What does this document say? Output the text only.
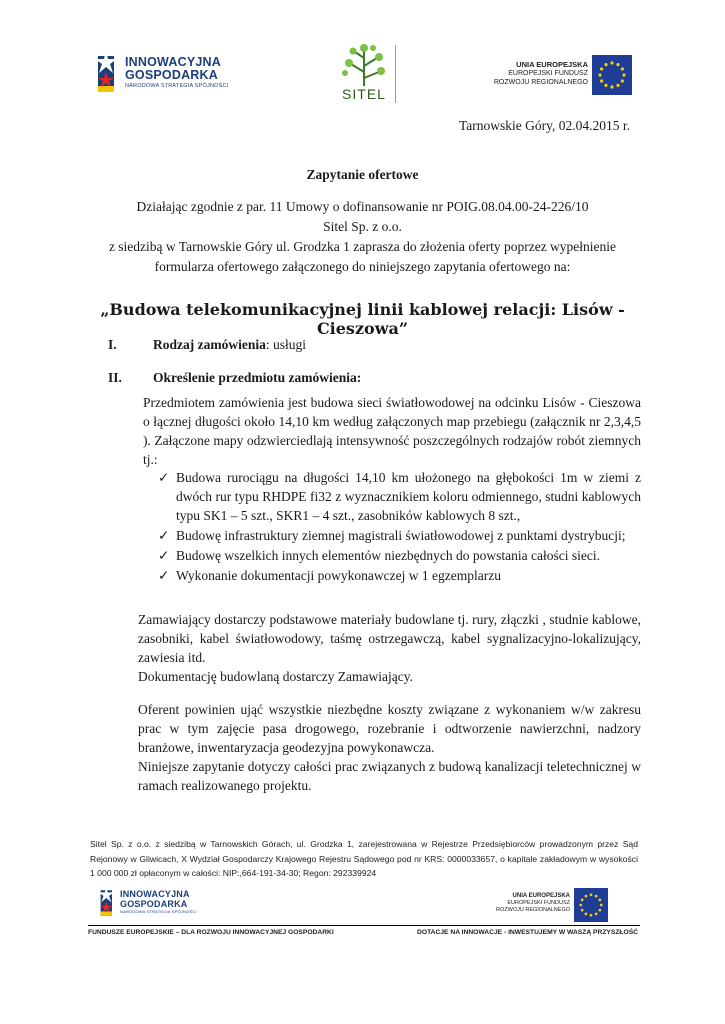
INNOWACYJNA
GOSPODARKA
NARODOWA STRATEGIA SPÓJNOŚCI	SITEL
UNIA EUROPEJSKA
EUROPEJSKI FUNDUSZ
ROZWOJU REGIONALNEGO
Tarnowskie Góry, 02.04.2015 r.
Zapytanie ofertowe
Działając zgodnie z par. 11 Umowy o dofinansowanie nr POIG.08.04.00-24-226/10
Sitel Sp. z o.o.
z siedzibą w Tarnowskie Góry ul. Grodzka 1 zaprasza do złożenia oferty poprzez wypełnienie
formularza ofertowego załączonego do niniejszego zapytania ofertowego na:
„Budowa telekomunikacyjnej linii kablowej relacji: Lisów - Cieszowa”
I.	Rodzaj zamówienia: usługi
II. Określenie przedmiotu zamówienia:

Przedmiotem zamówienia jest budowa sieci światłowodowej na odcinku Lisów - Cieszowa o łącznej długości około 14,10 km według załączonych map przebiegu (załącznik nr 2,3,4,5 ). Załączone mapy odzwierciedlają intensywność poszczególnych rodzajów robót ziemnych tj.:

✓ Budowa rurociągu na długości 14,10 km ułożonego na głębokości 1m w ziemi z dwóch rur typu RHDPE fi32 z wyznacznikiem koloru odmiennego, studni kablowych typu SK1 – 5 szt., SKR1 – 4 szt., zasobników kablowych 8 szt.,
✓ Budowę infrastruktury ziemnej magistrali światłowodowej z punktami dystrybucji;
✓ Budowę wszelkich innych elementów niezbędnych do powstania całości sieci.
✓ Wykonanie dokumentacji powykonawczej w 1 egzemplarzu

Zamawiający dostarczy podstawowe materiały budowlane tj. rury, złączki , studnie kablowe, zasobniki, kabel światłowodowy, taśmę ostrzegawczą, kabel sygnalizacyjno-lokalizujący, zawiesia itd.

Dokumentację budowlaną dostarczy Zamawiający.

Oferent powinien ująć wszystkie niezbędne koszty związane z wykonaniem w/w zakresu prac w tym zajęcie pasa drogowego, rozebranie i odtworzenie nawierzchni, nadzory branżowe, inwentaryzacja geodezyjna powykonawcza.

Niniejsze zapytanie dotyczy całości prac związanych z budową kanalizacji teletechnicznej w ramach realizowanego projektu.

Sitel Sp. z o.o. z siedzibą w Tarnowskich Górach, ul. Grodzka 1, zarejestrowana w Rejestrze Przedsiębiorców prowadzonym przez Sąd Rejonowy w Gliwicach, X Wydział Gospodarczy Krajowego Rejestru Sądowego pod nr KRS: 0000033657, o kapitale zakładowym w wysokości 1 000 000 zł opłaconym w całości: NIP:,664-191-34-30; Regon: 292339924
INNOWACYJNA
GOSPODARKA
NARODOWA STRATEGIA SPÓJNOŚCI
UNIA EUROPEJSKA
EUROPEJSKI FUNDUSZ
ROZWOJU REGIONALNEGO
FUNDUSZE EUROPEJSKIE – DLA ROZWOJU INNOWACYJNEJ GOSPODARKI	DOTACJE NA INNOWACJE - INWESTUJEMY W WASZĄ PRZYSZŁOŚĆ
